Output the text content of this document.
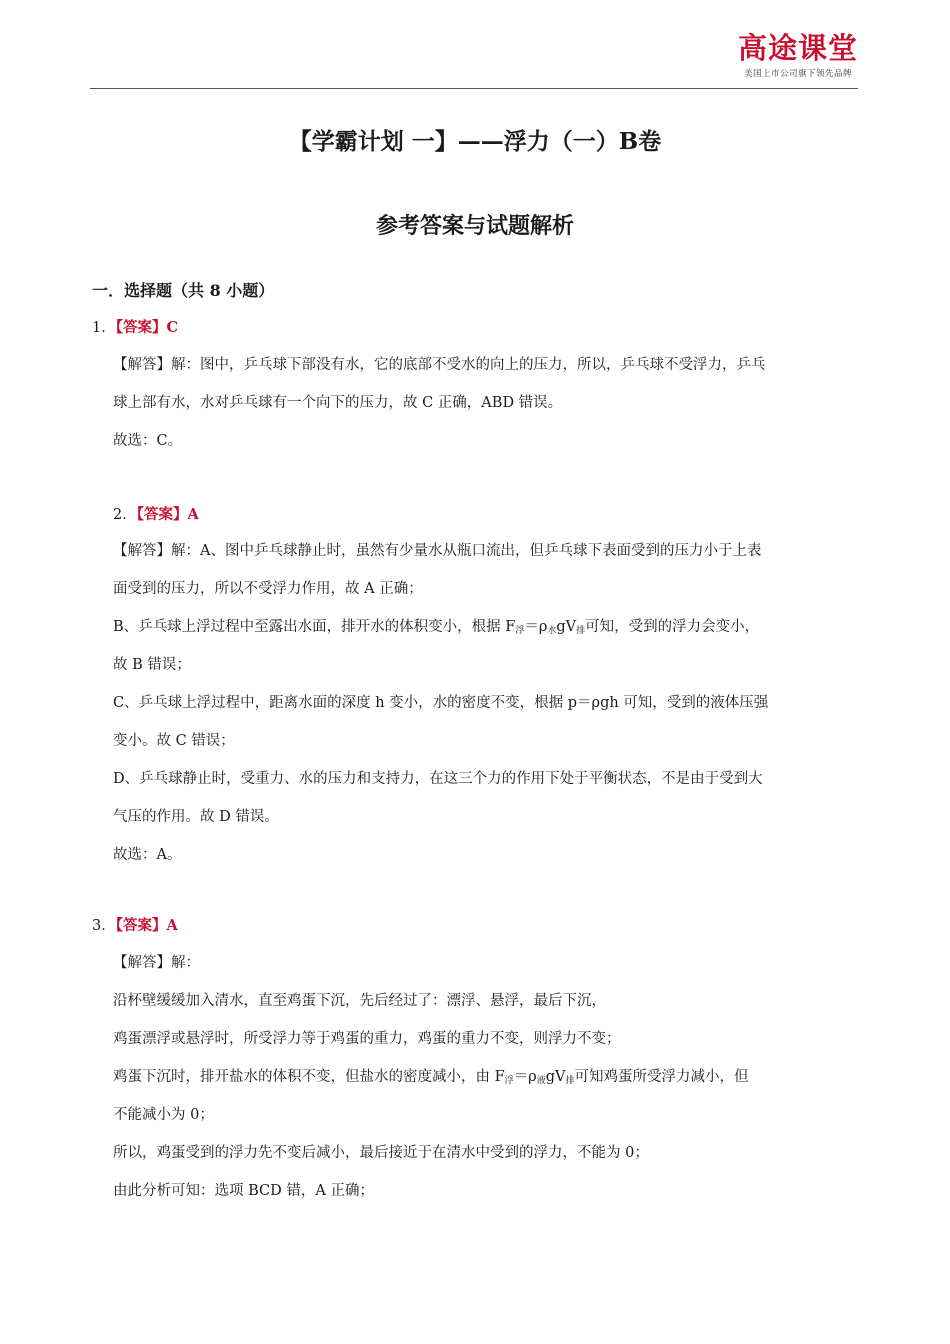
高途课堂
美国上市公司旗下领先品牌
【学霸计划 一】——浮力（一）B卷
参考答案与试题解析
一．选择题（共 8 小题）
1．【答案】C
【解答】解：图中，乒乓球下部没有水，它的底部不受水的向上的压力，所以，乒乓球不受浮力，乒乓
球上部有水，水对乒乓球有一个向下的压力，故 C 正确，ABD 错误。
故选：C。
2．【答案】A
【解答】解：A、图中乒乓球静止时，虽然有少量水从瓶口流出，但乒乓球下表面受到的压力小于上表
面受到的压力，所以不受浮力作用，故 A 正确；
B、乒乓球上浮过程中至露出水面，排开水的体积变小，根据 $F_浮=\rho_水gV_排$可知，受到的浮力会变小，
故 B 错误；
C、乒乓球上浮过程中，距离水面的深度 h 变小，水的密度不变，根据 p＝ρgh 可知，受到的液体压强
变小。故 C 错误；
D、乒乓球静止时，受重力、水的压力和支持力，在这三个力的作用下处于平衡状态，不是由于受到大
气压的作用。故 D 错误。
故选：A。
3．【答案】A
【解答】解：
沿杯壁缓缓加入清水，直至鸡蛋下沉，先后经过了：漂浮、悬浮，最后下沉，
鸡蛋漂浮或悬浮时，所受浮力等于鸡蛋的重力，鸡蛋的重力不变，则浮力不变；
鸡蛋下沉时，排开盐水的体积不变，但盐水的密度减小，由 $F_浮=\rho_液gV_排$可知鸡蛋所受浮力减小，但
不能减小为 0；
所以，鸡蛋受到的浮力先不变后减小，最后接近于在清水中受到的浮力，不能为 0；
由此分析可知：选项 BCD 错，A 正确；
